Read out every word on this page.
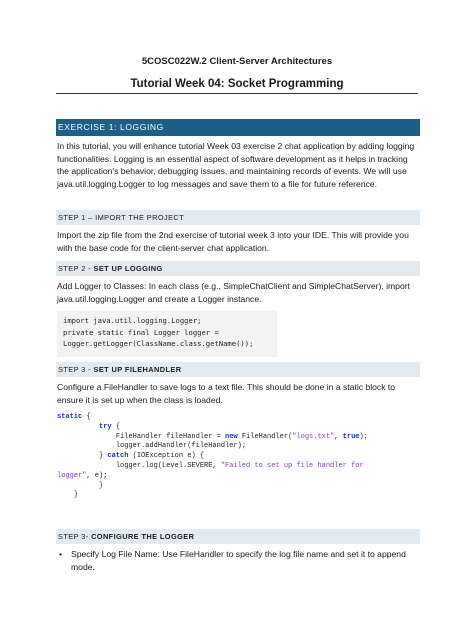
5COSC022W.2 Client-Server Architectures
Tutorial Week 04: Socket Programming
EXERCISE 1: LOGGING
In this tutorial, you will enhance tutorial Week 03 exercise 2 chat application by adding logging functionalities. Logging is an essential aspect of software development as it helps in tracking the application's behavior, debugging issues, and maintaining records of events. We will use java.util.logging.Logger to log messages and save them to a file for future reference.
STEP 1 – IMPORT THE PROJECT
Import the zip file from the 2nd exercise of tutorial week 3 into your IDE. This will provide you with the base code for the client-server chat application.
STEP 2 - SET UP LOGGING
Add Logger to Classes: In each class (e.g., SimpleChatClient and SimpleChatServer), import java.util.logging.Logger and create a Logger instance.
import java.util.logging.Logger;
private static final Logger logger =
Logger.getLogger(ClassName.class.getName());
STEP 3 - SET UP FILEHANDLER
Configure a FileHandler to save logs to a text file. This should be done in a static block to ensure it is set up when the class is loaded.
static {
try {
FileHandler fileHandler = new FileHandler("logs.txt", true);
logger.addHandler(fileHandler);
} catch (IOException e) {
logger.log(Level.SEVERE, "Failed to set up file handler for
logger", e);
}
}
STEP 3- CONFIGURE THE LOGGER
• Specify Log File Name: Use FileHandler to specify the log file name and set it to append mode.
